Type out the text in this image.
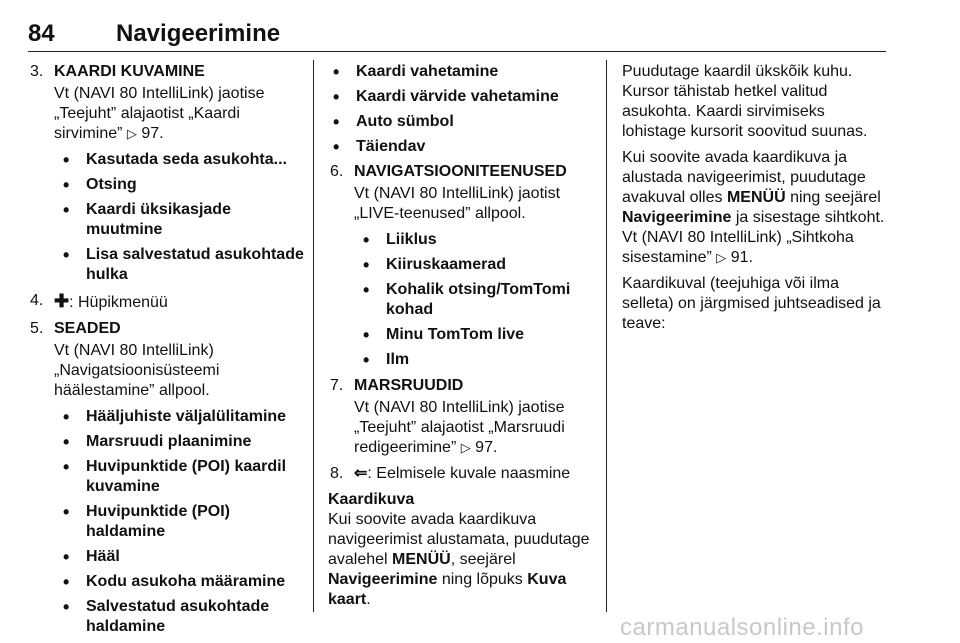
84	Navigeerimine
3. KAARDI KUVAMINE
Vt (NAVI 80 IntelliLink) jaotise „Teejuht” alajaotist „Kaardi sirvimine” ▷ 97.
• Kasutada seda asukohta...
• Otsing
• Kaardi üksikasjade muutmine
• Lisa salvestatud asukohtade hulka
4. ✚: Hüpikmenüü
5. SEADED
Vt (NAVI 80 IntelliLink) „Navigatsioonisüsteemi häälestamine” allpool.
• Hääljuhiste väljalülitamine
• Marsruudi plaanimine
• Huvipunktide (POI) kaardil kuvamine
• Huvipunktide (POI) haldamine
• Hääl
• Kodu asukoha määramine
• Salvestatud asukohtade haldamine
• Kaardi vahetamine
• Kaardi värvide vahetamine
• Auto sümbol
• Täiendav
6. NAVIGATSIOONITEENUSED
Vt (NAVI 80 IntelliLink) jaotist „LIVE-teenused” allpool.
• Liiklus
• Kiiruskaamerad
• Kohalik otsing/TomTomi kohad
• Minu TomTom live
• Ilm
7. MARSRUUDID
Vt (NAVI 80 IntelliLink) jaotise „Teejuht” alajaotist „Marsruudi redigeerimine” ▷ 97.
8. ⇐: Eelmisele kuvale naasmine
Kaardikuva
Kui soovite avada kaardikuva navigeerimist alustamata, puudutage avalehel MENÜÜ, seejärel Navigeerimine ning lõpuks Kuva kaart.
Puudutage kaardil ükskõik kuhu. Kursor tähistab hetkel valitud asukohta. Kaardi sirvimiseks lohistage kursorit soovitud suunas.
Kui soovite avada kaardikuva ja alustada navigeerimist, puudutage avakuval olles MENÜÜ ning seejärel Navigeerimine ja sisestage sihtkoht. Vt (NAVI 80 IntelliLink) „Sihtkoha sisestamine” ▷ 91.
Kaardikuval (teejuhiga või ilma selleta) on järgmised juhtseadised ja teave:
carmanualsonline.info
